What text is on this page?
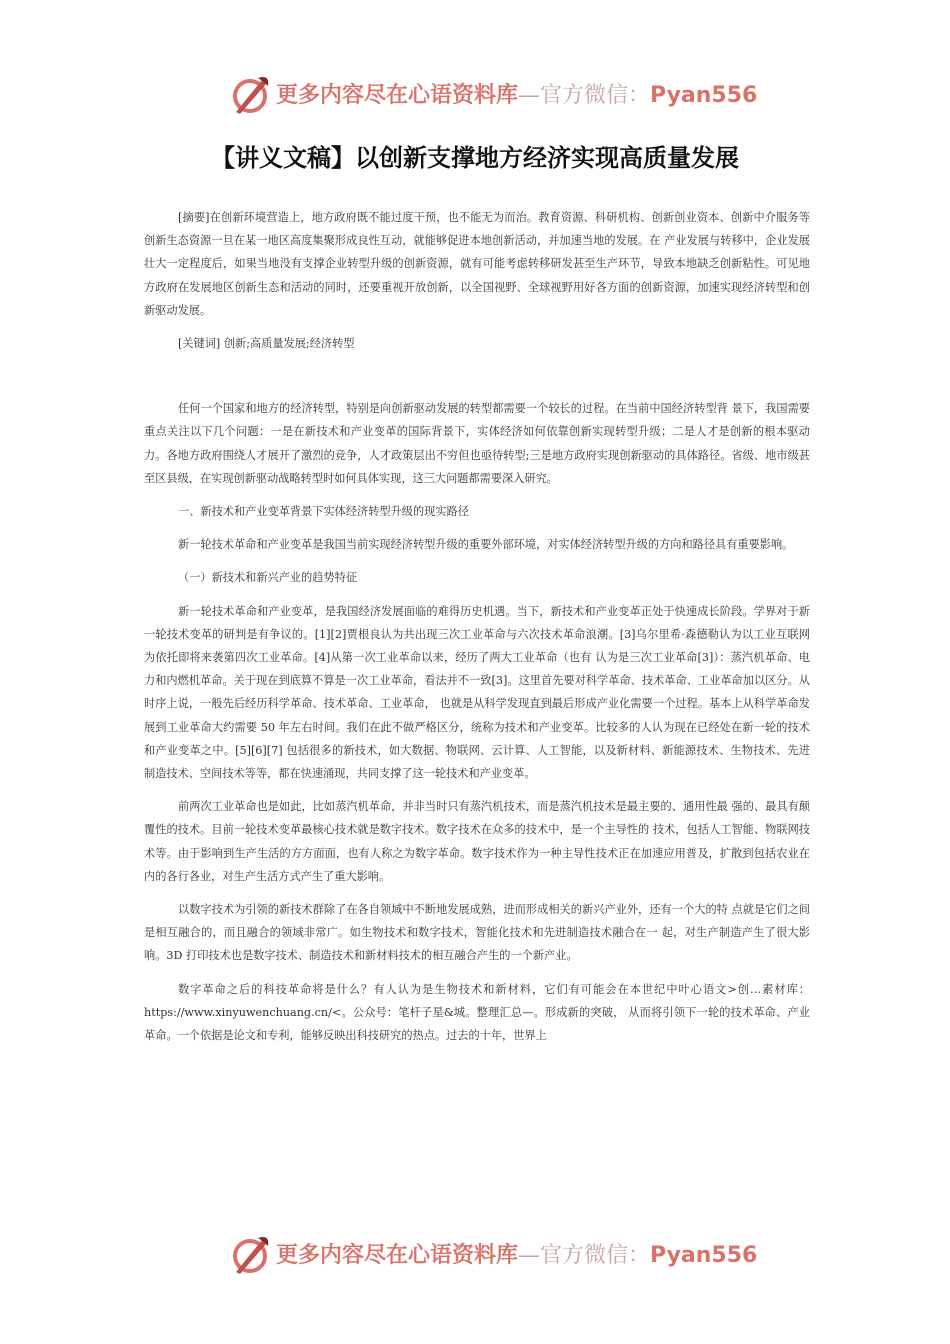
更多内容尽在心语资料库—官方微信：Pyan556
【讲义文稿】以创新支撑地方经济实现高质量发展

[摘要]在创新环境营造上，地方政府既不能过度干预，也不能无为而治。教育资源、科研机构、创新创业资本、创新中介服务等创新生态资源一旦在某一地区高度集聚形成良性互动，就能够促进本地创新活动，并加速当地的发展。在 产业发展与转移中，企业发展壮大一定程度后，如果当地没有支撑企业转型升级的创新资源，就有可能考虑转移研发甚至生产环节，导致本地缺乏创新粘性。可见地方政府在发展地区创新生态和活动的同时，还要重视开放创新，以全国视野、全球视野用好各方面的创新资源，加速实现经济转型和创新驱动发展。

[关键词] 创新;高质量发展;经济转型

任何一个国家和地方的经济转型，特别是向创新驱动发展的转型都需要一个较长的过程。在当前中国经济转型背 景下，我国需要重点关注以下几个问题：一是在新技术和产业变革的国际背景下，实体经济如何依靠创新实现转型升级；二是人才是创新的根本驱动力。各地方政府围绕人才展开了激烈的竞争，人才政策层出不穷但也亟待转型;三是地方政府实现创新驱动的具体路径。省级、地市级甚至区县级，在实现创新驱动战略转型时如何具体实现，这三大问题都需要深入研究。

一、新技术和产业变革背景下实体经济转型升级的现实路径

新一轮技术革命和产业变革是我国当前实现经济转型升级的重要外部环境，对实体经济转型升级的方向和路径具有重要影响。

（一）新技术和新兴产业的趋势特征

新一轮技术革命和产业变革，是我国经济发展面临的难得历史机遇。当下，新技术和产业变革正处于快速成长阶段。学界对于新一轮技术变革的研判是有争议的。[1][2]贾根良认为共出现三次工业革命与六次技术革命浪潮。[3]乌尔里希·森德勒认为以工业互联网为依托即将来袭第四次工业革命。[4]从第一次工业革命以来，经历了两大工业革命（也有 认为是三次工业革命[3]）：蒸汽机革命、电力和内燃机革命。关于现在到底算不算是一次工业革命，看法并不一致[3]。这里首先要对科学革命、技术革命、工业革命加以区分。从时序上说，一般先后经历科学革命、技术革命、工业革命， 也就是从科学发现直到最后形成产业化需要一个过程。基本上从科学革命发展到工业革命大约需要 50 年左右时间。我们在此不做严格区分，统称为技术和产业变革。比较多的人认为现在已经处在新一轮的技术和产业变革之中。[5][6][7] 包括很多的新技术，如大数据、物联网、云计算、人工智能，以及新材料、新能源技术、生物技术、先进制造技术、空间技术等等，都在快速涌现，共同支撑了这一轮技术和产业变革。

前两次工业革命也是如此，比如蒸汽机革命，并非当时只有蒸汽机技术，而是蒸汽机技术是最主要的、通用性最 强的、最具有颠覆性的技术。目前一轮技术变革最核心技术就是数字技术。数字技术在众多的技术中，是一个主导性的 技术，包括人工智能、物联网技术等。由于影响到生产生活的方方面面，也有人称之为数字革命。数字技术作为一种主导性技术正在加速应用普及，扩散到包括农业在内的各行各业，对生产生活方式产生了重大影响。

以数字技术为引领的新技术群除了在各自领域中不断地发展成熟，进而形成相关的新兴产业外，还有一个大的特 点就是它们之间是相互融合的，而且融合的领域非常广。如生物技术和数字技术，智能化技术和先进制造技术融合在一 起，对生产制造产生了很大影响。3D 打印技术也是数字技术、制造技术和新材料技术的相互融合产生的一个新产业。

数字革命之后的科技革命将是什么？有人认为是生物技术和新材料，它们有可能会在本世纪中叶心语文>创…素材库：https://www.xinyuwenchuang.cn/<。公众号：笔杆子星&城。整理汇总—。形成新的突破， 从而将引领下一轮的技术革命、产业革命。一个依据是论文和专利，能够反映出科技研究的热点。过去的十年，世界上

更多内容尽在心语资料库—官方微信：Pyan556
